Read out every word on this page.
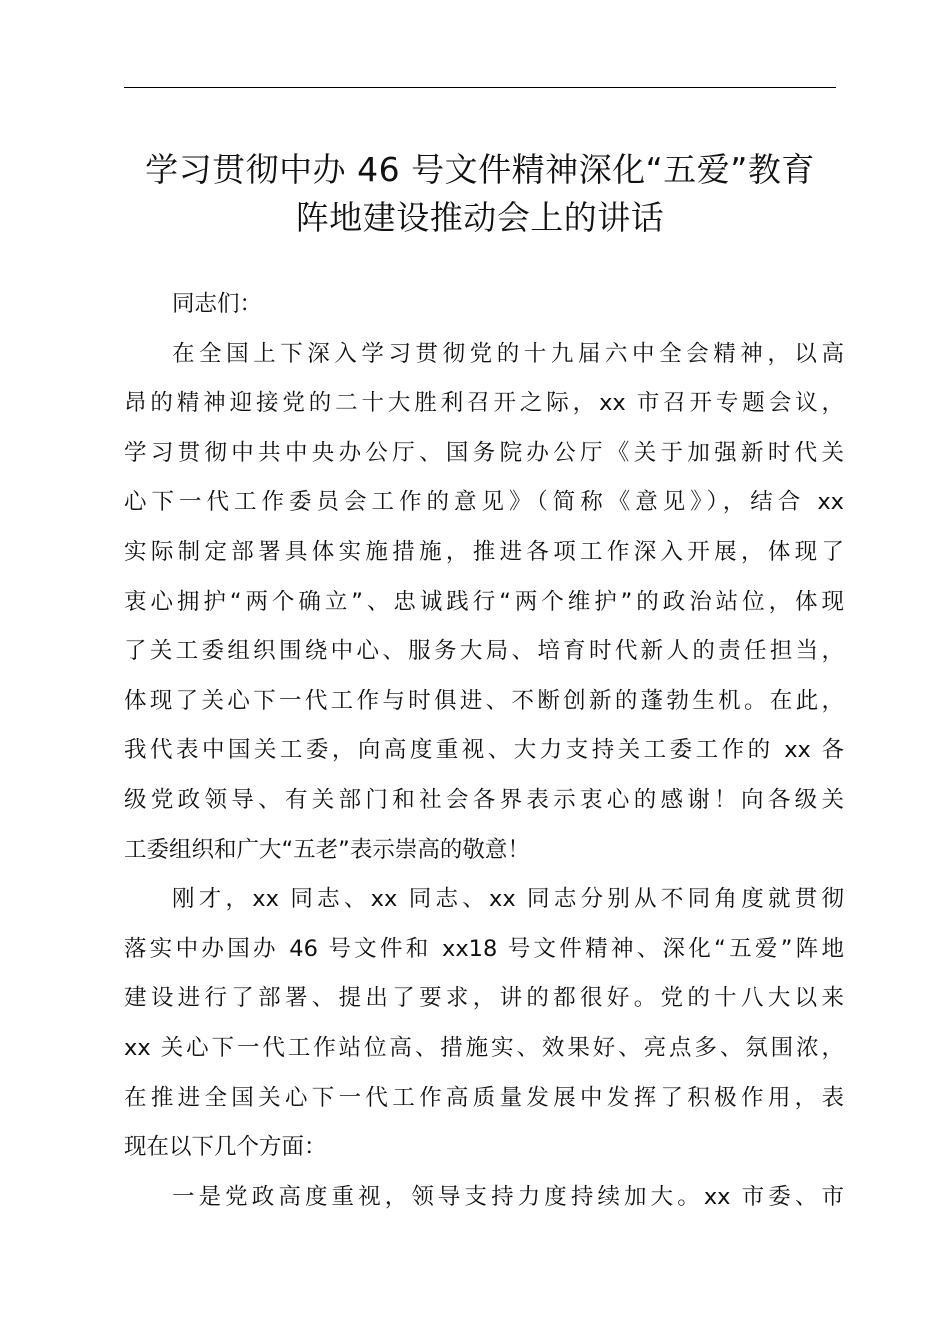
学习贯彻中办 46 号文件精神深化“五爱”教育
阵地建设推动会上的讲话

同志们：

在全国上下深入学习贯彻党的十九届六中全会精神，以高
昂的精神迎接党的二十大胜利召开之际，xx 市召开专题会议，
学习贯彻中共中央办公厅、国务院办公厅《关于加强新时代关
心下一代工作委员会工作的意见》（简称《意见》），结合 xx
实际制定部署具体实施措施，推进各项工作深入开展，体现了
衷心拥护“两个确立”、忠诚践行“两个维护”的政治站位，体现
了关工委组织围绕中心、服务大局、培育时代新人的责任担当，
体现了关心下一代工作与时俱进、不断创新的蓬勃生机。在此，
我代表中国关工委，向高度重视、大力支持关工委工作的 xx 各
级党政领导、有关部门和社会各界表示衷心的感谢！向各级关
工委组织和广大“五老”表示崇高的敬意！

刚才，xx 同志、xx 同志、xx 同志分别从不同角度就贯彻
落实中办国办 46 号文件和 xx18 号文件精神、深化“五爱”阵地
建设进行了部署、提出了要求，讲的都很好。党的十八大以来
xx 关心下一代工作站位高、措施实、效果好、亮点多、氛围浓，
在推进全国关心下一代工作高质量发展中发挥了积极作用，表
现在以下几个方面：

一是党政高度重视，领导支持力度持续加大。xx 市委、市
